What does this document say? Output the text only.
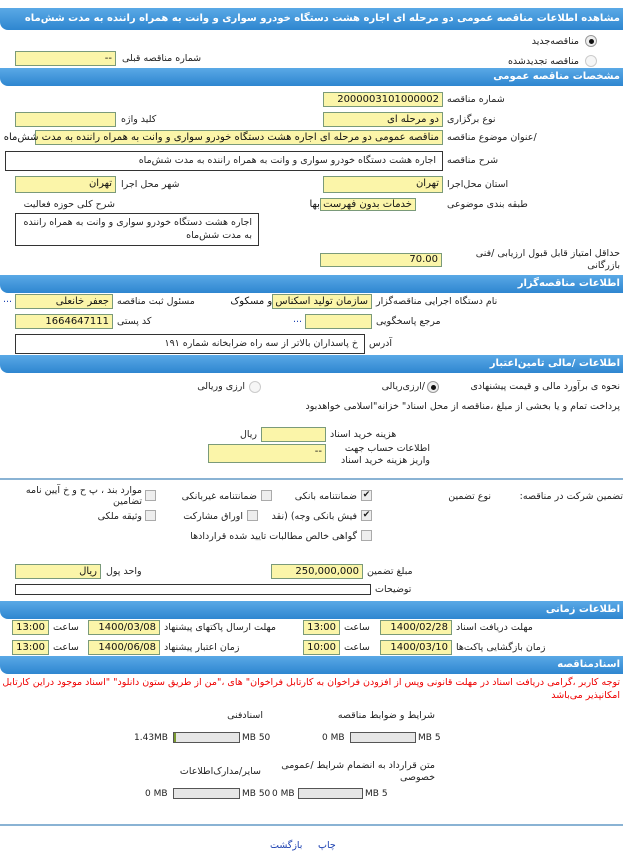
مشاهده اطلاعات مناقصه عمومی دو مرحله ای اجاره هشت دستگاه خودرو سواری و وانت به همراه راننده به مدت شش‌ماه
مناقصه‌جدید
مناقصه تجدیدشده
--	شماره مناقصه قبلی
مشخصات مناقصه عمومی
2000003101000002 شماره مناقصه
دو مرحله ای نوع برگزاری
کلید واژه
مناقصه عمومی دو مرحله ای اجاره هشت دستگاه خودرو سواری و وانت به همراه راننده به مدت شش‌ماه /عنوان موضوع مناقصه
اجاره هشت دستگاه خودرو سواری و وانت به همراه راننده به مدت شش‌ماه	شرح مناقصه
تهران استان محل‌اجرا
تهران شهر محل اجرا
خدمات بدون فهرست بها	طبقه بندی موضوعی
شرح کلی حوزه فعالیت
اجاره هشت دستگاه خودرو سواری و وانت به همراه راننده به مدت شش‌ماه
70.00
حداقل امتیاز قابل قبول ارزیابی /فنی بازرگانی
اطلاعات مناقصه‌گزار
سازمان تولید اسکناس و مسکوک نام دستگاه اجرایی مناقصه‌گزار
جعفر خانعلی مسئول ثبت مناقصه
...
...	مرجع پاسخگویی
1664647111 کد پستی
خ پاسداران بالاتر از سه راه ضرابخانه شماره ۱۹۱	آدرس
اطلاعات /مالی تامین‌اعتبار
نحوه ی برآورد مالی و قیمت پیشنهادی
/ارزی‌ریالی
ارزی وریالی
پرداخت تمام و یا بخشی از مبلغ ،مناقصه از محل اسناد" خزانه"اسلامی خواهد‌بود
ریال	هزینه خرید اسناد
--	اطلاعات حساب جهت واریز هزینه خرید اسناد
تضمین شرکت در مناقصه:
نوع تضمین
✔
ضمانتنامه بانکی
ضمانتنامه غیربانکی
موارد بند ، پ ح و خ آیین نامه تضامین
✔
فیش بانکی وجه) (نقد
اوراق مشارکت
وثیقه ملکی
گواهی خالص مطالبات تایید شده قراردادها
250,000,000 مبلغ تضمین
ریال واحد پول
توضیحات
اطلاعات زمانی
1400/02/28 مهلت دریافت اسناد
13:00 ساعت
1400/03/08 مهلت ارسال پاکتهای پیشنهاد
13:00 ساعت
1400/03/10 زمان بازگشایی پاکت‌ها
10:00 ساعت
1400/06/08 زمان اعتبار پیشنهاد
13:00 ساعت
اسنادمناقصه
توجه کاربر ،گرامی دریافت اسناد در مهلت قانونی وپس از افزودن فراخوان به کارتابل فراخوان" های ،"من از طریق ستون دانلود" "اسناد موجود دراین کارتابل امکانپذیر می‌باشد
شرایط و ضوابط مناقصه
5 MB
0 MB
اسنادفنی
50 MB
1.43MB
متن قرارداد به انضمام شرایط /عمومی خصوصی
5 MB
0 MB
سایر/مدارک‌اطلاعات
50 MB
0 MB
چاپ
بازگشت
